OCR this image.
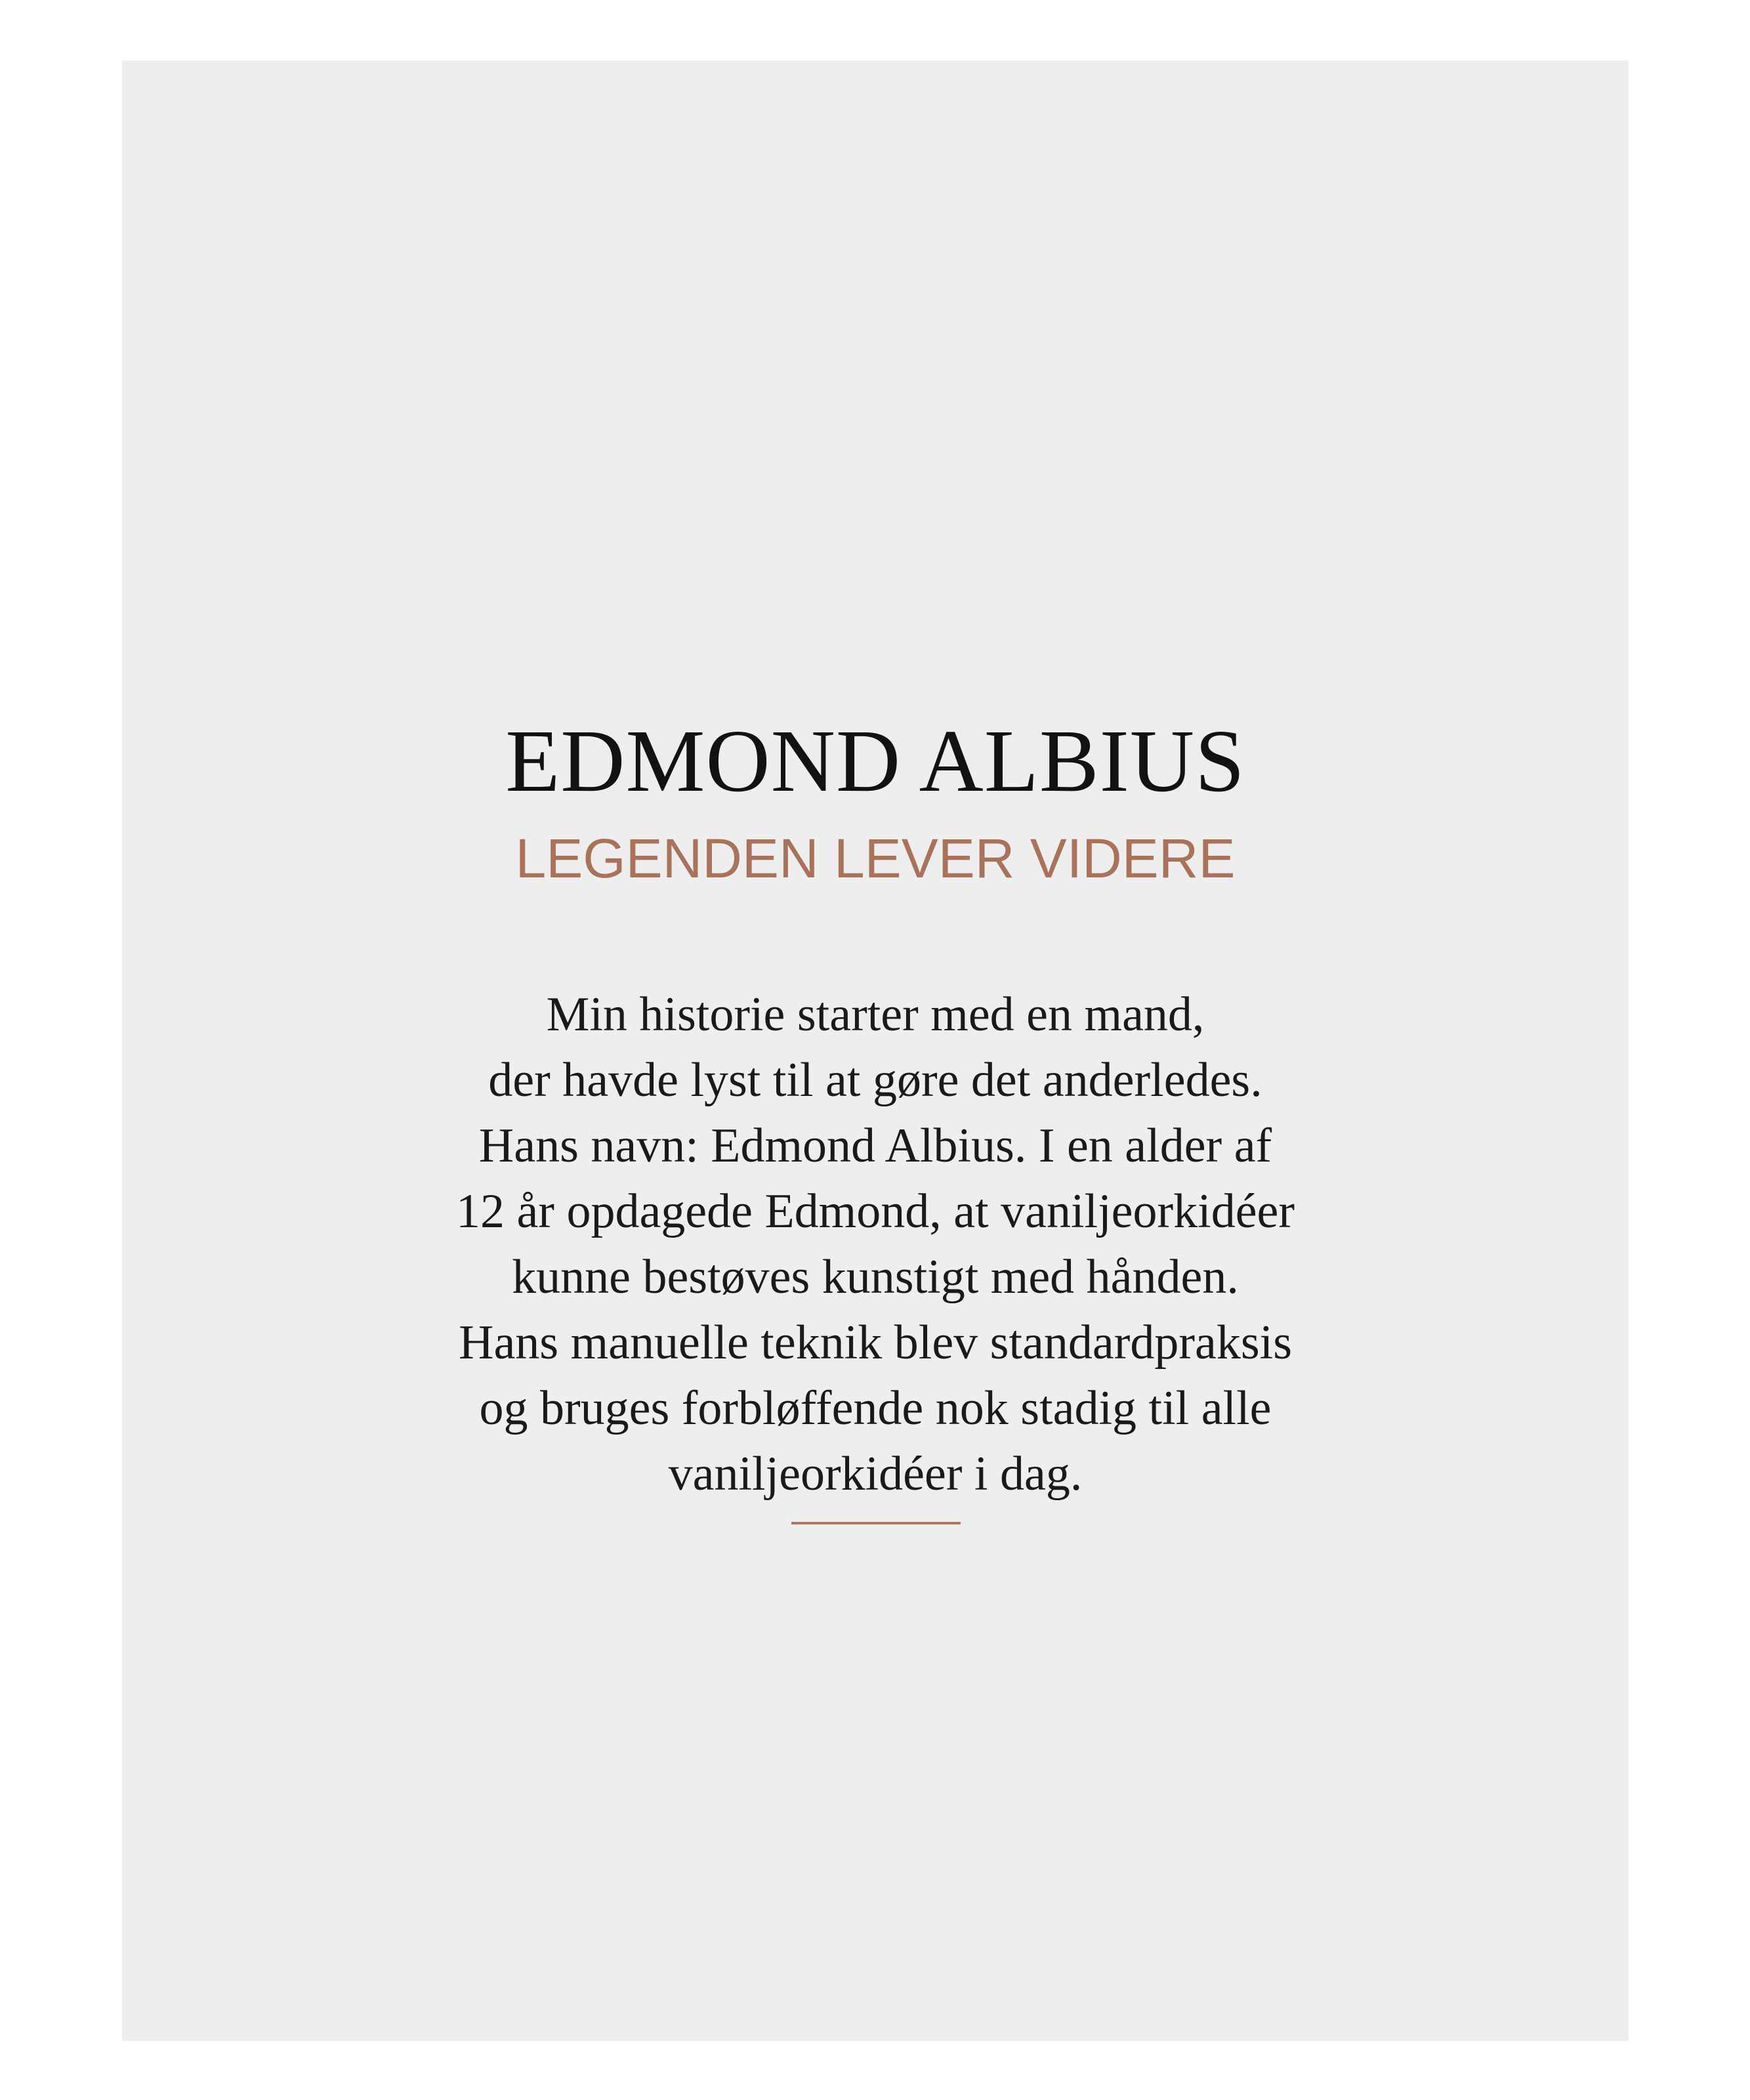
EDMOND ALBIUS
LEGENDEN LEVER VIDERE
Min historie starter med en mand,
der havde lyst til at gøre det anderledes.
Hans navn: Edmond Albius. I en alder af
12 år opdagede Edmond, at vaniljeorkidéer
kunne bestøves kunstigt med hånden.
Hans manuelle teknik blev standardpraksis
og bruges forbløffende nok stadig til alle
vaniljeorkidéer i dag.
